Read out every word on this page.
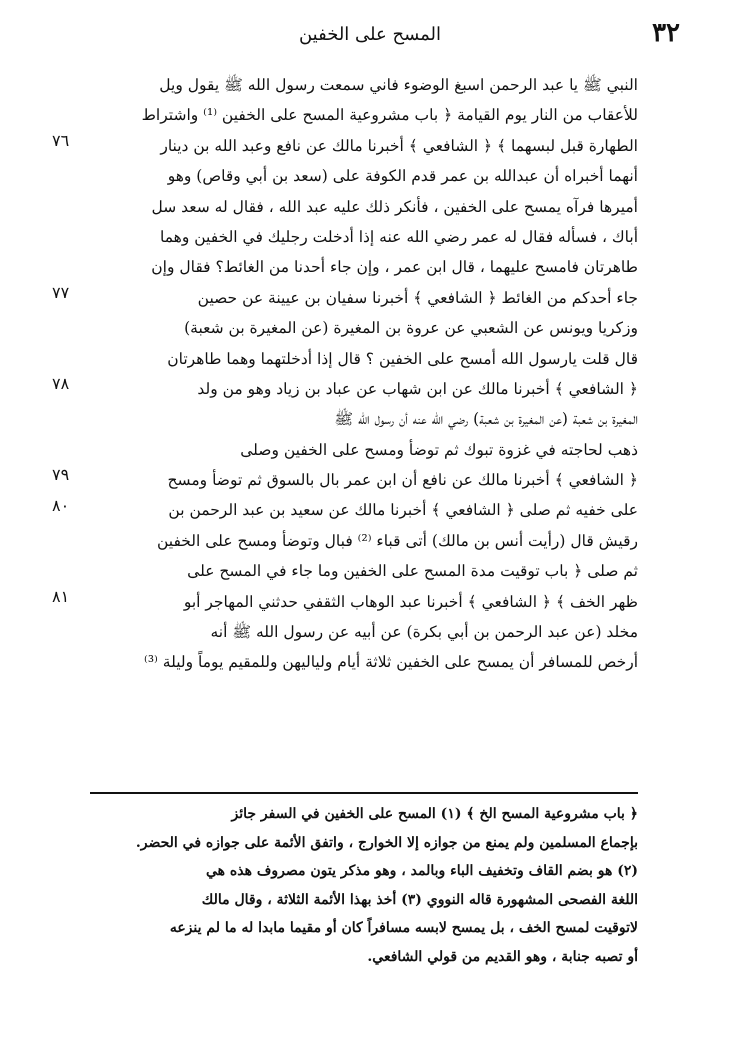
٣٢
المسح على الخفين
النبي ﷺ يا عبد الرحمن اسبغ الوضوء فاني سمعت رسول الله ﷺ يقول ويل
للأعقاب من النار يوم القيامة ﴿ باب مشروعية المسح على الخفين ⁽¹⁾ واشتراط
الطهارة قبل لبسهما ﴾ ﴿ الشافعي ﴾ أخبرنا مالك عن نافع وعبد الله بن دينار
أنهما أخبراه أن عبدالله بن عمر قدم الكوفة على (سعد بن أبي وقاص) وهو
أميرها فرآه يمسح على الخفين ، فأنكر ذلك عليه عبد الله ، فقال له سعد سل
أباك ، فسأله فقال له عمر رضي الله عنه إذا أدخلت رجليك في الخفين وهما
طاهرتان فامسح عليهما ، قال ابن عمر ، وإن جاء أحدنا من الغائط؟ فقال وإن
جاء أحدكم من الغائط ﴿ الشافعي ﴾ أخبرنا سفيان بن عيينة عن حصين
وزكريا ويونس عن الشعبي عن عروة بن المغيرة (عن المغيرة بن شعبة)
قال قلت يارسول الله أمسح على الخفين ؟ قال إذا أدخلتهما وهما طاهرتان
﴿ الشافعي ﴾ أخبرنا مالك عن ابن شهاب عن عباد بن زياد وهو من ولد
المغيرة بن شعبة (عن المغيرة بن شعبة) رضي الله عنه أن رسول الله ﷺ
ذهب لحاجته في غزوة تبوك ثم توضأ ومسح على الخفين وصلى
﴿ الشافعي ﴾ أخبرنا مالك عن نافع أن ابن عمر بال بالسوق ثم توضأ ومسح
على خفيه ثم صلى ﴿ الشافعي ﴾ أخبرنا مالك عن سعيد بن عبد الرحمن بن
رقيش قال (رأيت أنس بن مالك) أتى قباء ⁽²⁾ فبال وتوضأ ومسح على الخفين
ثم صلى ﴿ باب توقيت مدة المسح على الخفين وما جاء في المسح على
ظهر الخف ﴾ ﴿ الشافعي ﴾ أخبرنا عبد الوهاب الثقفي حدثني المهاجر أبو
مخلد (عن عبد الرحمن بن أبي بكرة) عن أبيه عن رسول الله ﷺ أنه
أرخص للمسافر أن يمسح على الخفين ثلاثة أيام ولياليهن وللمقيم يوماً وليلة ⁽³⁾
﴿ باب مشروعية المسح الخ ﴾ (١) المسح على الخفين في السفر جائز
بإجماع المسلمين ولم يمنع من جوازه إلا الخوارج ، واتفق الأئمة على جوازه في الحضر.
(٢) هو بضم القاف وتخفيف الباء وبالمد ، وهو مذكر يتون مصروف هذه هي
اللغة الفصحى المشهورة قاله النووي (٣) أخذ بهذا الأئمة الثلاثة ، وقال مالك
لاتوقيت لمسح الخف ، بل يمسح لابسه مسافراً كان أو مقيما مابدا له ما لم ينزعه
أو تصبه جنابة ، وهو القديم من قولي الشافعي.
٧٦
٧٧
٧٨
٧٩
٨٠
٨١
